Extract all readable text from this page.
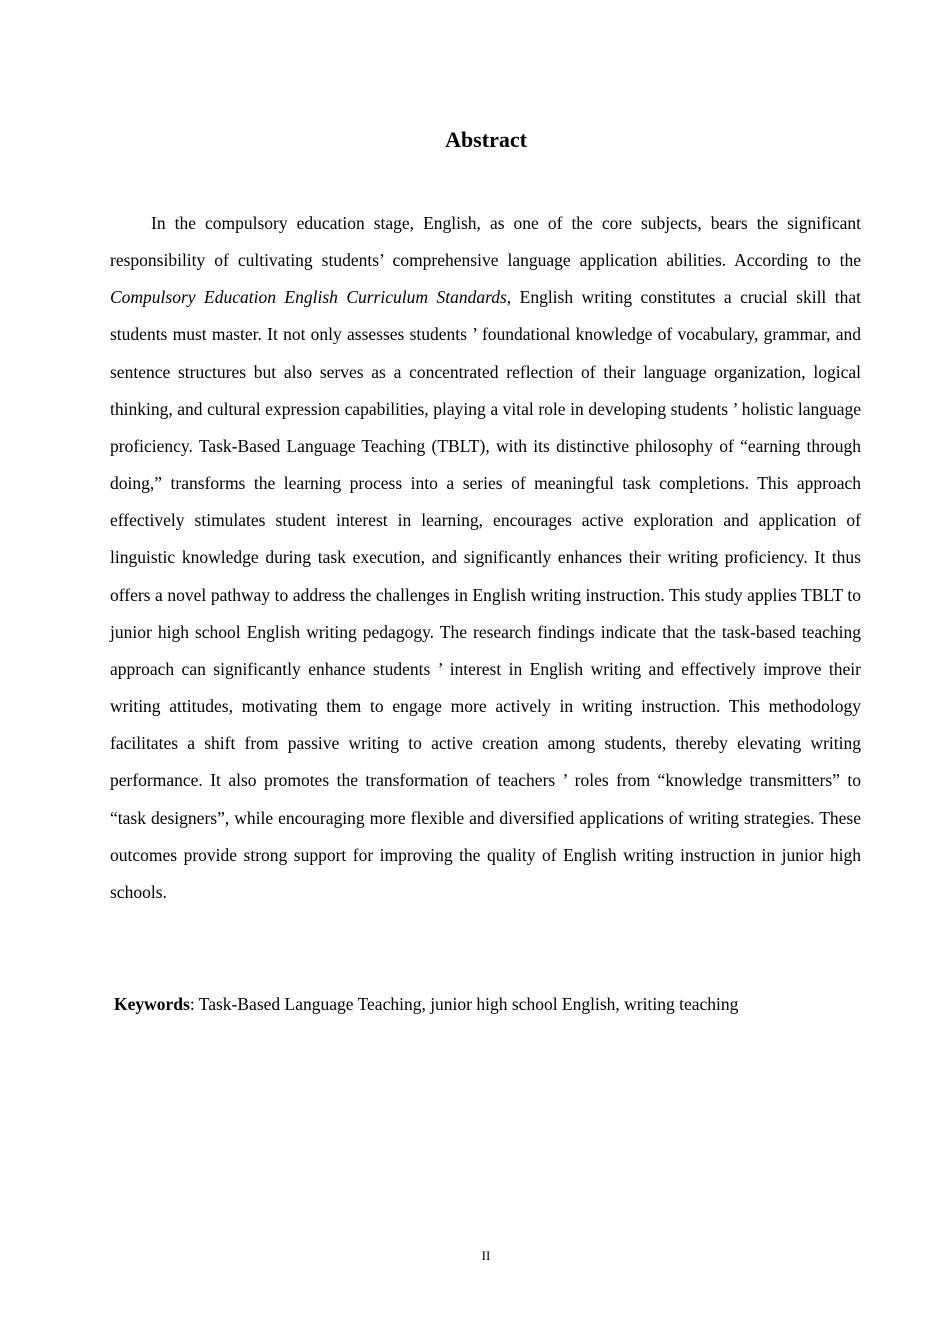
Abstract

In the compulsory education stage, English, as one of the core subjects, bears the significant responsibility of cultivating students’ comprehensive language application abilities. According to the Compulsory Education English Curriculum Standards, English writing constitutes a crucial skill that students must master. It not only assesses students ’ foundational knowledge of vocabulary, grammar, and sentence structures but also serves as a concentrated reflection of their language organization, logical thinking, and cultural expression capabilities, playing a vital role in developing students ’ holistic language proficiency. Task-Based Language Teaching (TBLT), with its distinctive philosophy of “earning through doing,” transforms the learning process into a series of meaningful task completions. This approach effectively stimulates student interest in learning, encourages active exploration and application of linguistic knowledge during task execution, and significantly enhances their writing proficiency. It thus offers a novel pathway to address the challenges in English writing instruction. This study applies TBLT to junior high school English writing pedagogy. The research findings indicate that the task-based teaching approach can significantly enhance students ’ interest in English writing and effectively improve their writing attitudes, motivating them to engage more actively in writing instruction. This methodology facilitates a shift from passive writing to active creation among students, thereby elevating writing performance. It also promotes the transformation of teachers ’ roles from “knowledge transmitters” to “task designers”, while encouraging more flexible and diversified applications of writing strategies. These outcomes provide strong support for improving the quality of English writing instruction in junior high schools.

Keywords: Task-Based Language Teaching, junior high school English, writing teaching

II
